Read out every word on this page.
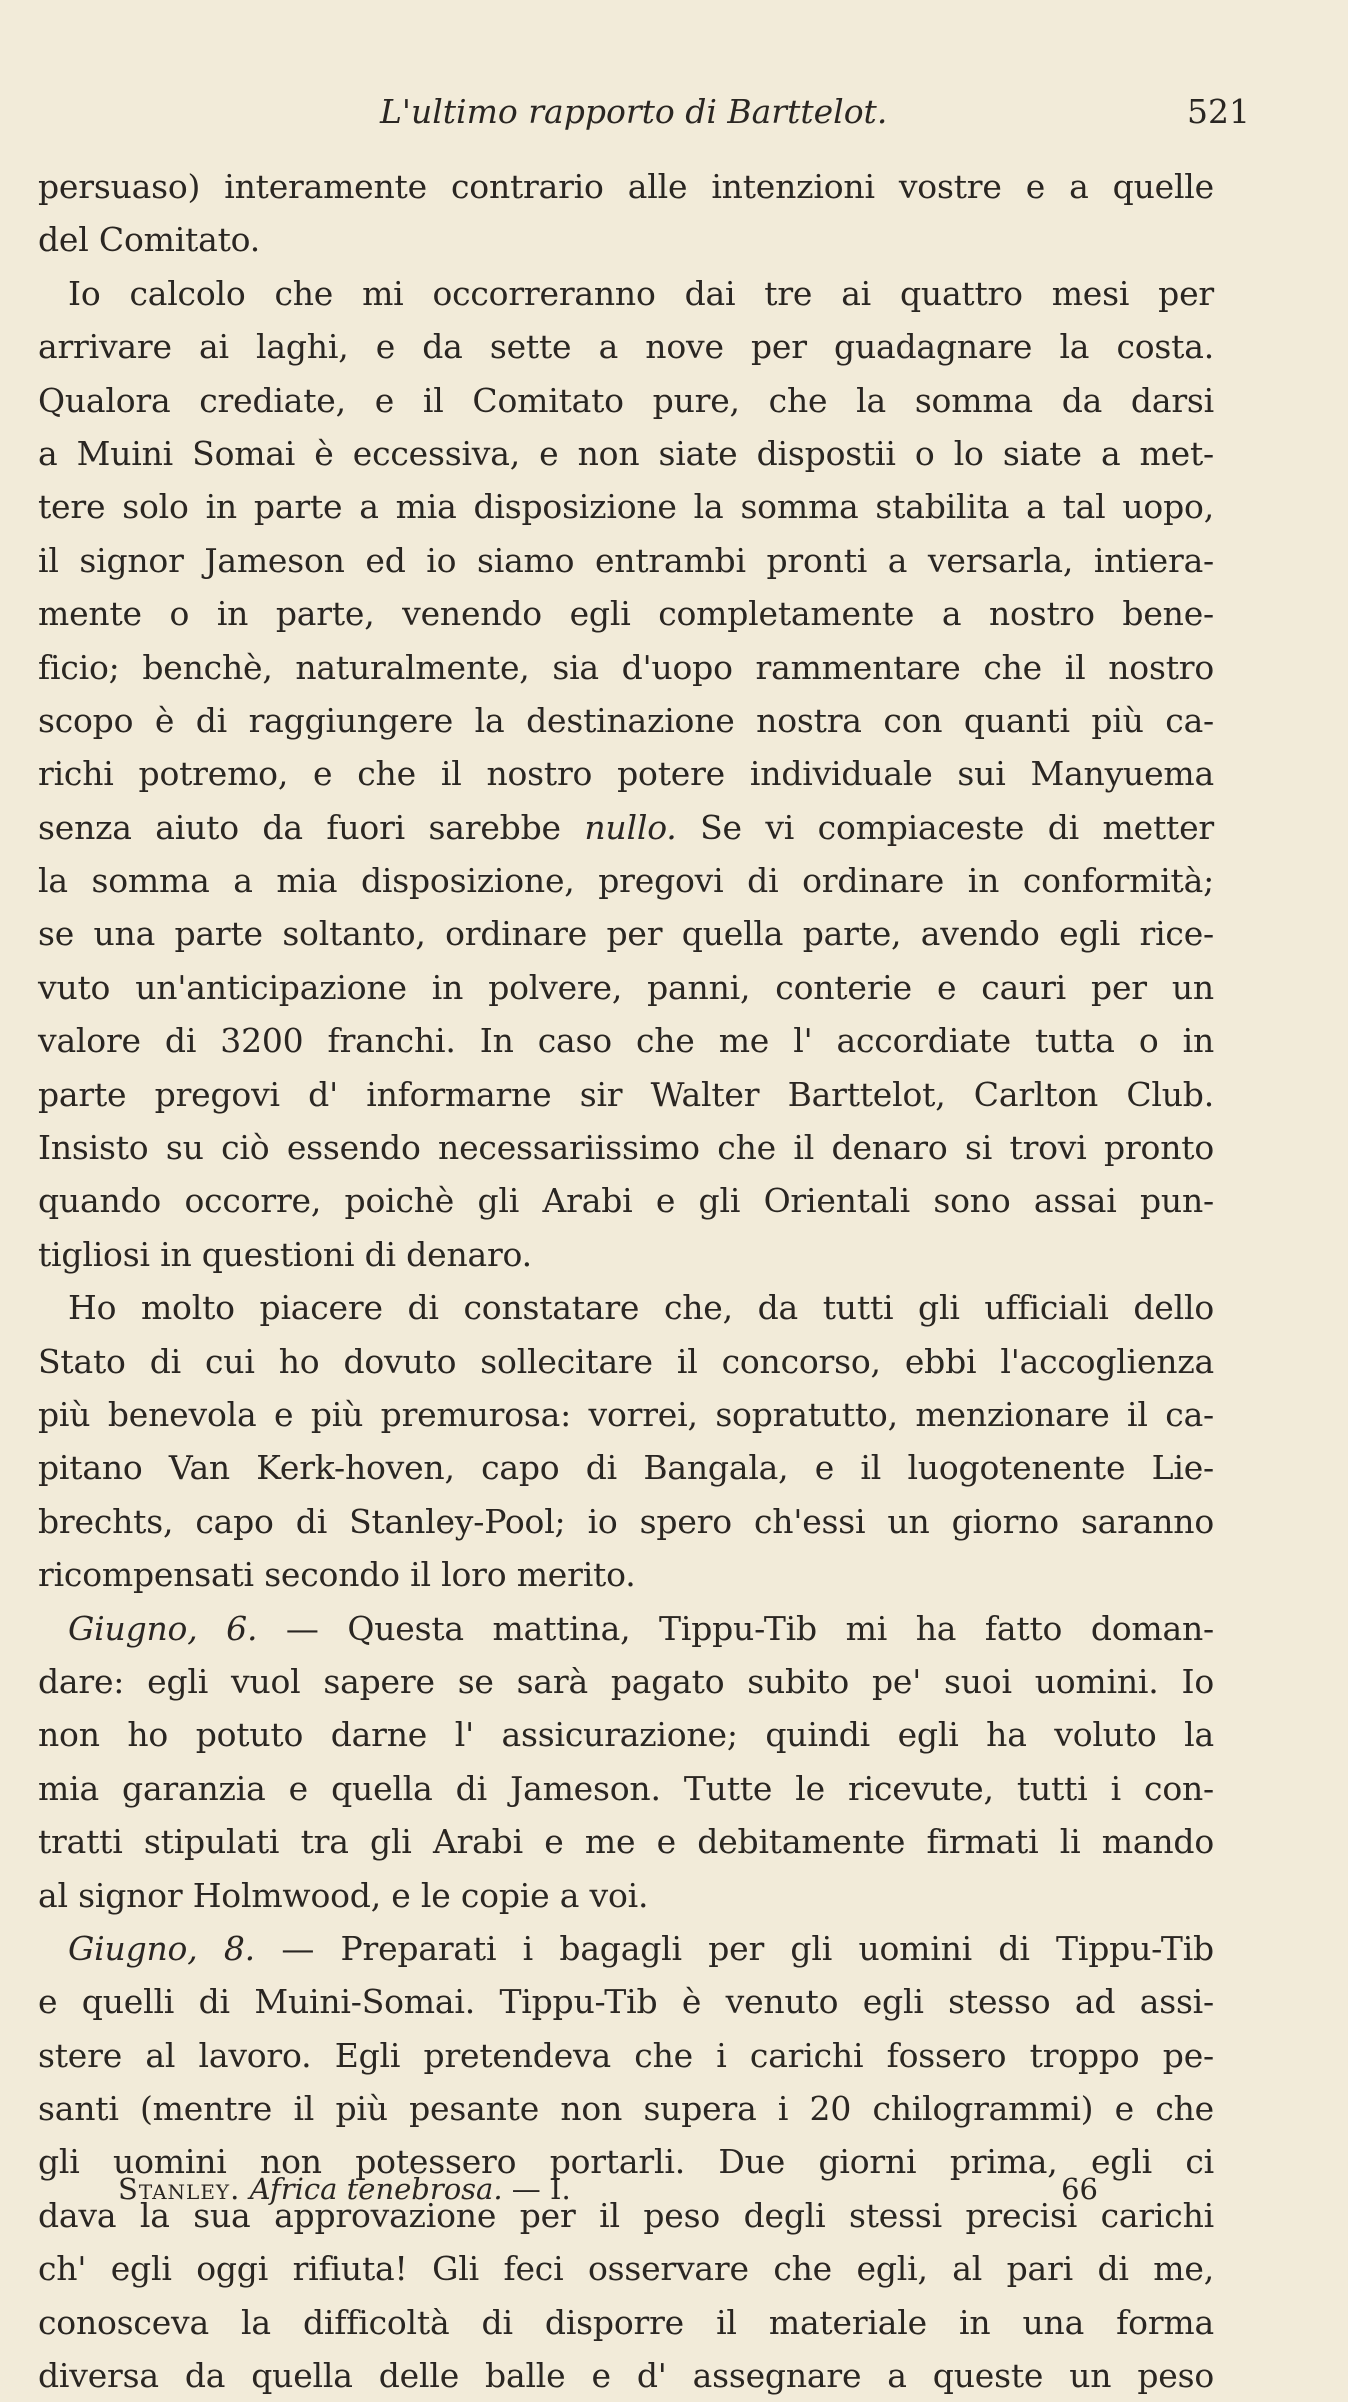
L'ultimo rapporto di Barttelot.	521
persuaso) interamente contrario alle intenzioni vostre e a quelle
del Comitato.
Io calcolo che mi occorreranno dai tre ai quattro mesi per
arrivare ai laghi, e da sette a nove per guadagnare la costa.
Qualora crediate, e il Comitato pure, che la somma da darsi
a Muini Somai è eccessiva, e non siate dispostii o lo siate a met-
tere solo in parte a mia disposizione la somma stabilita a tal uopo,
il signor Jameson ed io siamo entrambi pronti a versarla, intiera-
mente o in parte, venendo egli completamente a nostro bene-
ficio; benchè, naturalmente, sia d'uopo rammentare che il nostro
scopo è di raggiungere la destinazione nostra con quanti più ca-
richi potremo, e che il nostro potere individuale sui Manyuema
senza aiuto da fuori sarebbe nullo. Se vi compiaceste di metter
la somma a mia disposizione, pregovi di ordinare in conformità;
se una parte soltanto, ordinare per quella parte, avendo egli rice-
vuto un'anticipazione in polvere, panni, conterie e cauri per un
valore di 3200 franchi. In caso che me l' accordiate tutta o in
parte pregovi d' informarne sir Walter Barttelot, Carlton Club.
Insisto su ciò essendo necessariissimo che il denaro si trovi pronto
quando occorre, poichè gli Arabi e gli Orientali sono assai pun-
tigliosi in questioni di denaro.
Ho molto piacere di constatare che, da tutti gli ufficiali dello
Stato di cui ho dovuto sollecitare il concorso, ebbi l'accoglienza
più benevola e più premurosa: vorrei, sopratutto, menzionare il ca-
pitano Van Kerk-hoven, capo di Bangala, e il luogotenente Lie-
brechts, capo di Stanley-Pool; io spero ch'essi un giorno saranno
ricompensati secondo il loro merito.
Giugno, 6. — Questa mattina, Tippu-Tib mi ha fatto doman-
dare: egli vuol sapere se sarà pagato subito pe' suoi uomini. Io
non ho potuto darne l' assicurazione; quindi egli ha voluto la
mia garanzia e quella di Jameson. Tutte le ricevute, tutti i con-
tratti stipulati tra gli Arabi e me e debitamente firmati li mando
al signor Holmwood, e le copie a voi.
Giugno, 8. — Preparati i bagagli per gli uomini di Tippu-Tib
e quelli di Muini-Somai. Tippu-Tib è venuto egli stesso ad assi-
stere al lavoro. Egli pretendeva che i carichi fossero troppo pe-
santi (mentre il più pesante non supera i 20 chilogrammi) e che
gli uomini non potessero portarli. Due giorni prima, egli ci
dava la sua approvazione per il peso degli stessi precisi carichi
ch' egli oggi rifiuta! Gli feci osservare che egli, al pari di me,
conosceva la difficoltà di disporre il materiale in una forma
diversa da quella delle balle e d' assegnare a queste un peso
Stanley. Africa tenebrosa. — I.	66
